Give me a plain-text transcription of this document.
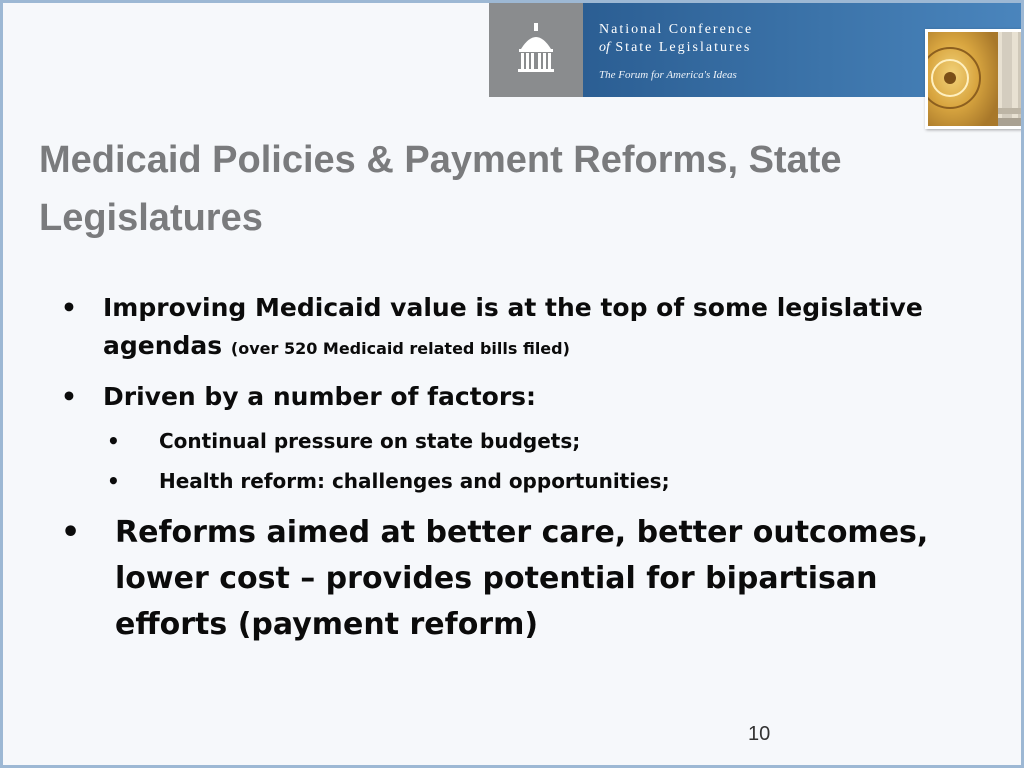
National Conference
of State Legislatures
The Forum for America's Ideas
Medicaid Policies & Payment Reforms, State Legislatures
• Improving Medicaid value is at the top of some legislative agendas (over 520 Medicaid related bills filed)
• Driven by a number of factors:
• Continual pressure on state budgets;
• Health reform: challenges and opportunities;
• Reforms aimed at better care, better outcomes, lower cost – provides potential for bipartisan efforts (payment reform)
10
